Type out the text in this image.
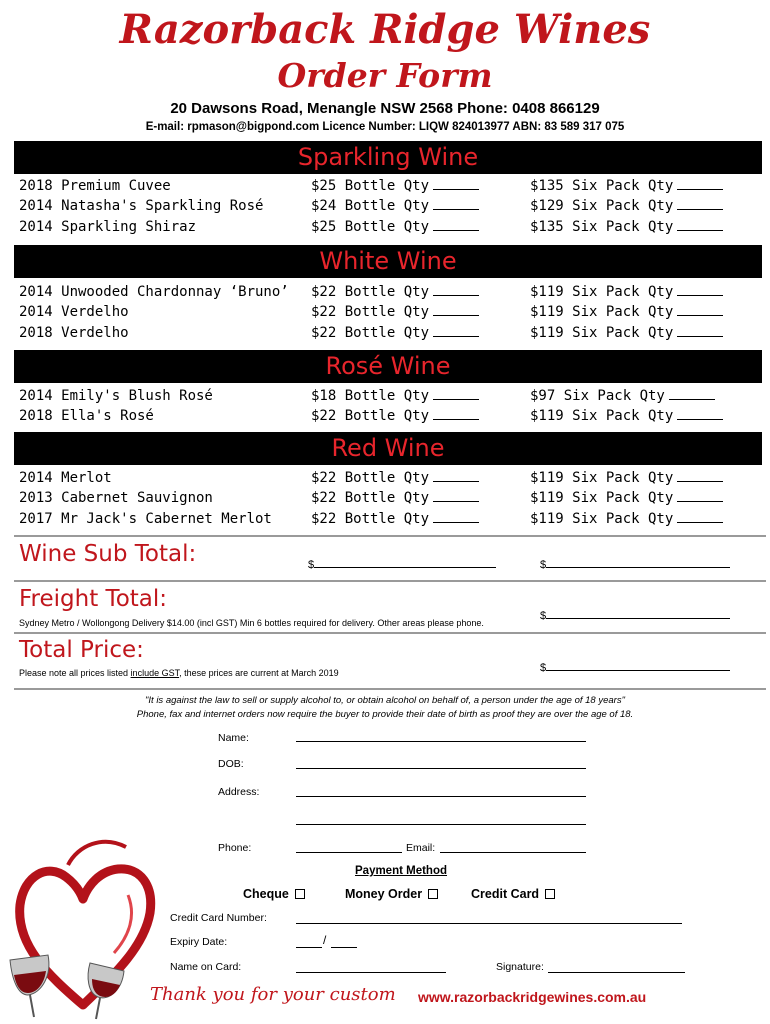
Razorback Ridge Wines
Order Form
20 Dawsons Road, Menangle NSW 2568 Phone: 0408 866129
E-mail: rpmason@bigpond.com Licence Number: LIQW 824013977 ABN: 83 589 317 075
Sparkling Wine
2018 Premium Cuvee	$25 Bottle Qty	$135 Six Pack Qty
2014 Natasha's Sparkling Rosé	$24 Bottle Qty	$129 Six Pack Qty
2014 Sparkling Shiraz	$25 Bottle Qty	$135 Six Pack Qty
White Wine
2014 Unwooded Chardonnay ‘Bruno’ $22 Bottle Qty	$119 Six Pack Qty
2014 Verdelho	$22 Bottle Qty	$119 Six Pack Qty
2018 Verdelho	$22 Bottle Qty	$119 Six Pack Qty
Rosé Wine
2014 Emily's Blush Rosé	$18 Bottle Qty	$97 Six Pack Qty
2018 Ella's Rosé	$22 Bottle Qty	$119 Six Pack Qty
Red Wine
2014 Merlot	$22 Bottle Qty	$119 Six Pack Qty
2013 Cabernet Sauvignon	$22 Bottle Qty	$119 Six Pack Qty
2017 Mr Jack's Cabernet Merlot	$22 Bottle Qty	$119 Six Pack Qty
Wine Sub Total:	$	$
Freight Total:
Sydney Metro / Wollongong Delivery $14.00 (incl GST) Min 6 bottles required for delivery. Other areas please phone.
$
Total Price:
Please note all prices listed include GST, these prices are current at March 2019	$
"It is against the law to sell or supply alcohol to, or obtain alcohol on behalf of, a person under the age of 18 years"
Phone, fax and internet orders now require the buyer to provide their date of birth as proof they are over the age of 18.
Name:
DOB:
Address:
Phone:	Email:
Payment Method
Cheque	Money Order	Credit Card
Credit Card Number:
Expiry Date:	/
Name on Card:	Signature:
Thank you for your custom www.razorbackridgewines.com.au
